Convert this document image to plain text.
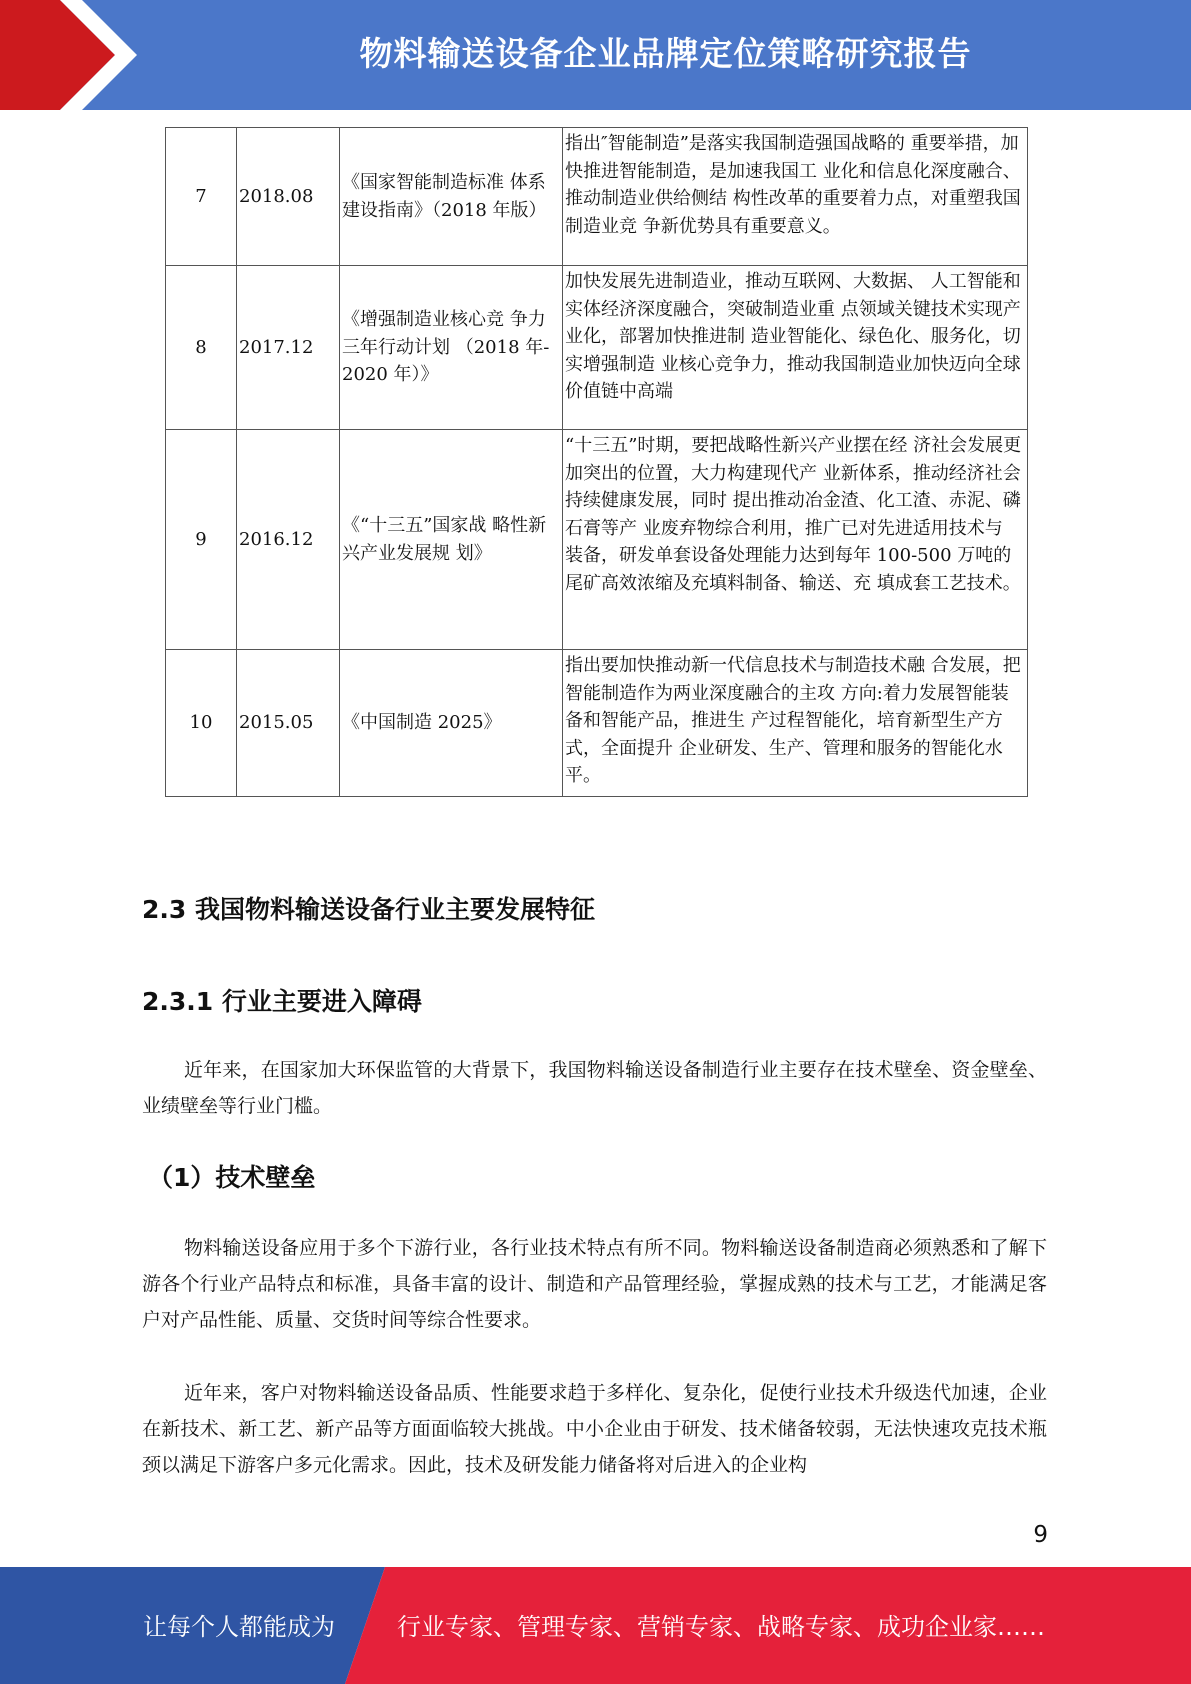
物料输送设备企业品牌定位策略研究报告
7	2018.08	《国家智能制造标准 体系建设指南》（2018 年版）	指出″智能制造”是落实我国制造强国战略的 重要举措，加快推进智能制造，是加速我国工 业化和信息化深度融合、推动制造业供给侧结 构性改革的重要着力点，对重塑我国制造业竞 争新优势具有重要意义。
8	2017.12	《增强制造业核心竞 争力三年行动计划 （2018 年-2020 年）》	加快发展先进制造业，推动互联网、大数据、 人工智能和实体经济深度融合，突破制造业重 点领域关键技术实现产业化，部署加快推进制 造业智能化、绿色化、服务化，切实增强制造 业核心竞争力，推动我国制造业加快迈向全球 价值链中高端
9	2016.12	《“十三五”国家战 略性新兴产业发展规 划》	“十三五”时期，要把战略性新兴产业摆在经 济社会发展更加突出的位置，大力构建现代产 业新体系，推动经济社会持续健康发展，同时 提出推动冶金渣、化工渣、赤泥、磷石膏等产 业废弃物综合利用，推广已对先进适用技术与 装备，研发单套设备处理能力达到每年 100-500 万吨的尾矿高效浓缩及充填料制备、输送、充 填成套工艺技术。
10	2015.05	《中国制造 2025》	指出要加快推动新一代信息技术与制造技术融 合发展，把智能制造作为两业深度融合的主攻 方向:着力发展智能装备和智能产品，推进生 产过程智能化，培育新型生产方式，全面提升 企业研发、生产、管理和服务的智能化水平。
2.3 我国物料输送设备行业主要发展特征
2.3.1 行业主要进入障碍

近年来，在国家加大环保监管的大背景下，我国物料输送设备制造行业主要存在技术壁垒、资金壁垒、业绩壁垒等行业门槛。

（1）技术壁垒

物料输送设备应用于多个下游行业，各行业技术特点有所不同。物料输送设备制造商必须熟悉和了解下游各个行业产品特点和标准，具备丰富的设计、制造和产品管理经验，掌握成熟的技术与工艺，才能满足客户对产品性能、质量、交货时间等综合性要求。

近年来，客户对物料输送设备品质、性能要求趋于多样化、复杂化，促使行业技术升级迭代加速，企业在新技术、新工艺、新产品等方面面临较大挑战。中小企业由于研发、技术储备较弱，无法快速攻克技术瓶颈以满足下游客户多元化需求。因此，技术及研发能力储备将对后进入的企业构

9
让每个人都能成为	行业专家、管理专家、营销专家、战略专家、成功企业家……
